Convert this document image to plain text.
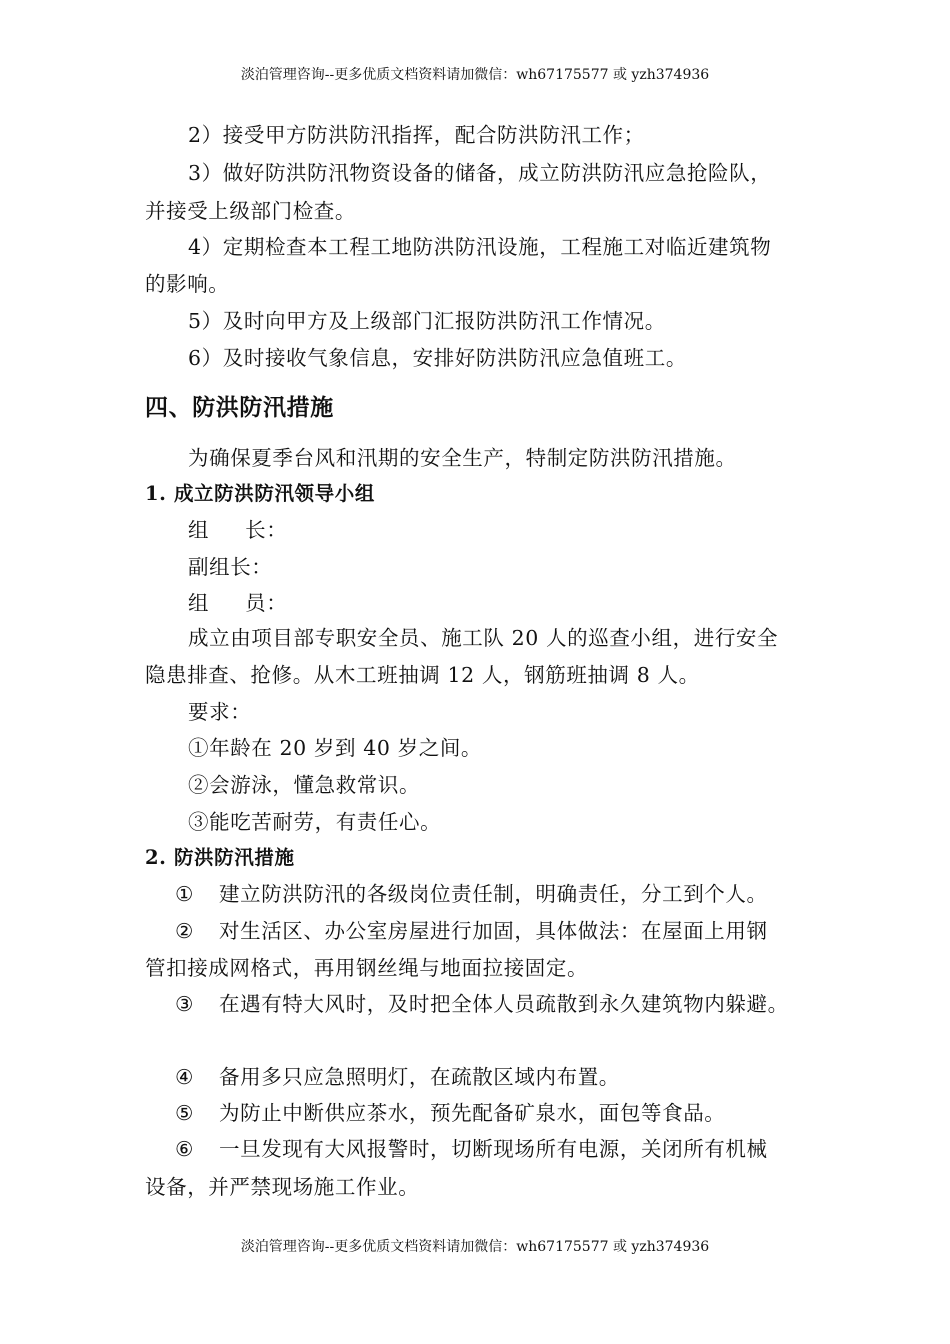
淡泊管理咨询--更多优质文档资料请加微信：wh67175577 或 yzh374936
2）接受甲方防洪防汛指挥，配合防洪防汛工作；
3）做好防洪防汛物资设备的储备，成立防洪防汛应急抢险队，
并接受上级部门检查。
4）定期检查本工程工地防洪防汛设施，工程施工对临近建筑物
的影响。
5）及时向甲方及上级部门汇报防洪防汛工作情况。
6）及时接收气象信息，安排好防洪防汛应急值班工。
四、防洪防汛措施
为确保夏季台风和汛期的安全生产，特制定防洪防汛措施。
1. 成立防洪防汛领导小组
组 长：
副组长：
组 员：
成立由项目部专职安全员、施工队 20 人的巡查小组，进行安全
隐患排查、抢修。从木工班抽调 12 人，钢筋班抽调 8 人。
要求：
①年龄在 20 岁到 40 岁之间。
②会游泳，懂急救常识。
③能吃苦耐劳，有责任心。
2. 防洪防汛措施
① 建立防洪防汛的各级岗位责任制，明确责任，分工到个人。
② 对生活区、办公室房屋进行加固，具体做法：在屋面上用钢
管扣接成网格式，再用钢丝绳与地面拉接固定。
③ 在遇有特大风时，及时把全体人员疏散到永久建筑物内躲避。
④ 备用多只应急照明灯，在疏散区域内布置。
⑤ 为防止中断供应茶水，预先配备矿泉水，面包等食品。
⑥ 一旦发现有大风报警时，切断现场所有电源，关闭所有机械
设备，并严禁现场施工作业。
淡泊管理咨询--更多优质文档资料请加微信：wh67175577 或 yzh374936
